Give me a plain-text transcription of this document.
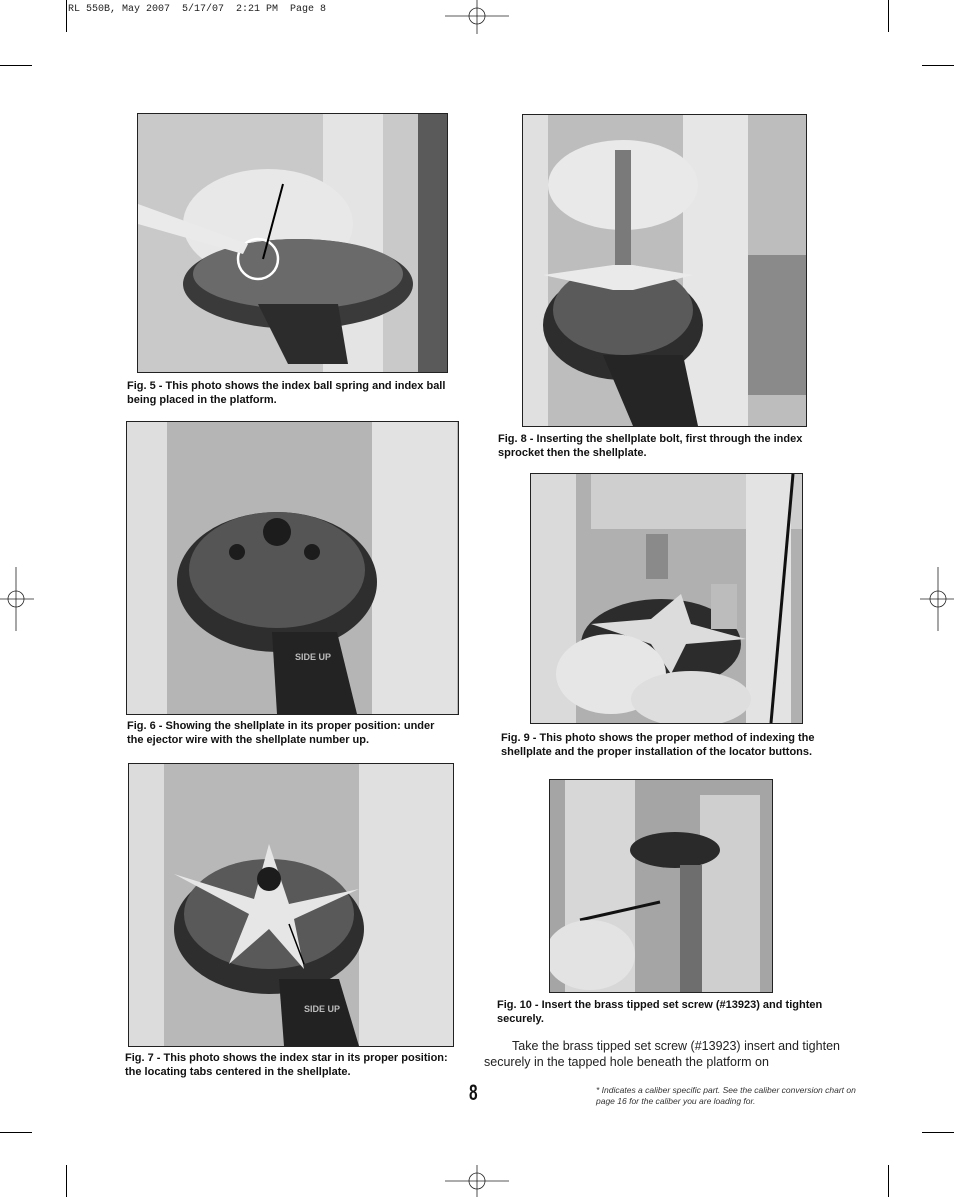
RL 550B, May 2007  5/17/07  2:21 PM  Page 8
Fig. 5 - This photo shows the index ball spring and index ball being placed in the platform.
SIDE UP
Fig. 6 - Showing the shellplate in its proper position: under the ejector wire with the shellplate number up.
SIDE UP
Fig. 7 - This photo shows the index star in its proper position: the locating tabs centered in the shellplate.
Fig. 8 - Inserting the shellplate bolt, first through the index sprocket then the shellplate.
Fig. 9 - This photo shows the proper method of indexing the shellplate and the proper installation of the locator buttons.
Fig. 10 - Insert the brass tipped set screw (#13923) and tighten securely.
Take the brass tipped set screw (#13923) insert and tighten securely in the tapped hole beneath the platform on
8	* Indicates a caliber specific part. See the caliber conversion chart on page 16 for the caliber you are loading for.
